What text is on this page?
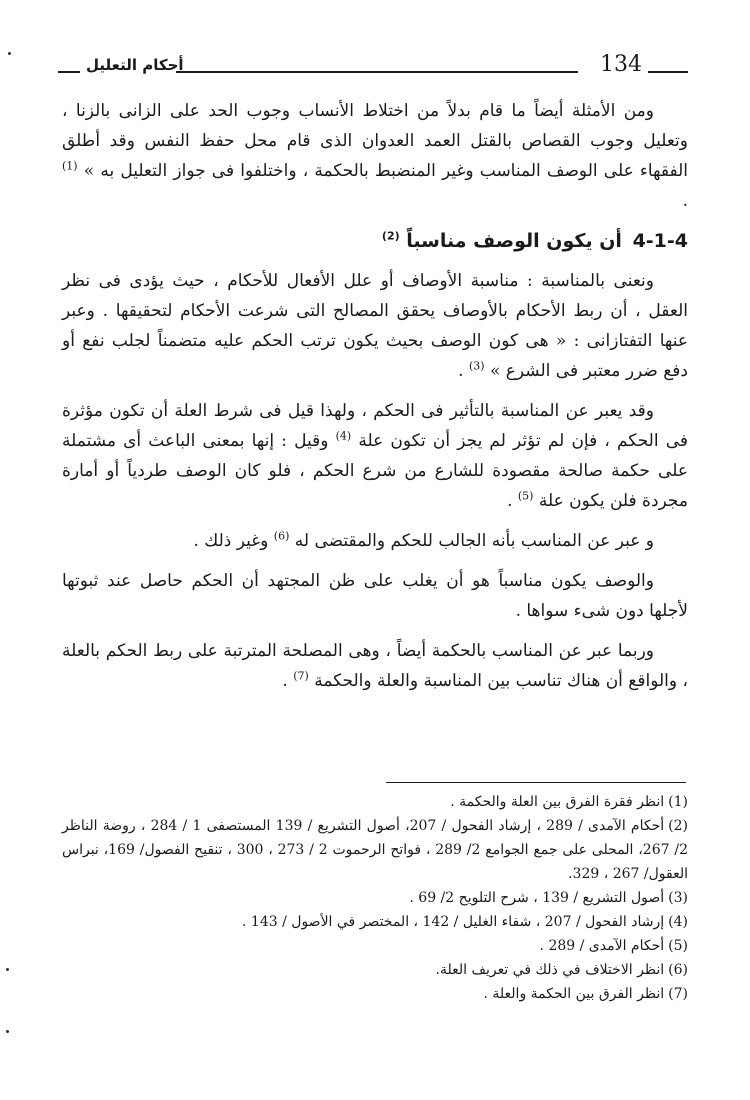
أحكام التعليل	134

ومن الأمثلة أيضاً ما قام بدلاً من اختلاط الأنساب وجوب الحد على الزانى بالزنا ، وتعليل وجوب القصاص بالقتل العمد العدوان الذى قام محل حفظ النفس وقد أطلق الفقهاء على الوصف المناسب وغير المنضبط بالحكمة ، واختلفوا فى جواز التعليل به » $^{(1)}$ .

4-1-4 أن يكون الوصف مناسباً $^{(2)}$

ونعنى بالمناسبة : مناسبة الأوصاف أو علل الأفعال للأحكام ، حيث يؤدى فى نظر العقل ، أن ربط الأحكام بالأوصاف يحقق المصالح التى شرعت الأحكام لتحقيقها . وعبر عنها التفتازانى : « هى كون الوصف بحيث يكون ترتب الحكم عليه متضمناً لجلب نفع أو دفع ضرر معتبر فى الشرع » $^{(3)}$ .

وقد يعبر عن المناسبة بالتأثير فى الحكم ، ولهذا قيل فى شرط العلة أن تكون مؤثرة فى الحكم ، فإن لم تؤثر لم يجز أن تكون علة $^{(4)}$ وقيل : إنها بمعنى الباعث أى مشتملة على حكمة صالحة مقصودة للشارع من شرع الحكم ، فلو كان الوصف طردياً أو أمارة مجردة فلن يكون علة $^{(5)}$ .

و عبر عن المناسب بأنه الجالب للحكم والمقتضى له $^{(6)}$ وغير ذلك .

والوصف يكون مناسباً هو أن يغلب على ظن المجتهد أن الحكم حاصل عند ثبوتها لأجلها دون شىء سواها .

وربما عبر عن المناسب بالحكمة أيضاً ، وهى المصلحة المترتبة على ربط الحكم بالعلة ، والواقع أن هناك تناسب بين المناسبة والعلة والحكمة $^{(7)}$ .

(1)انظر فقرة الفرق بين العلة والحكمة .

(2)أحكام الآمدى / 289 ، إرشاد الفحول / 207، أصول التشريع / 139 المستصفى 1 / 284 ، روضة الناظر 2/ 267، المحلى على جمع الجوامع 2/ 289 ، فواتح الرحموت 2 / 273 ، 300 ، تنقيح الفصول/ 169، نبراس العقول/ 267 ، 329.

(3)أصول التشريع / 139 ، شرح التلويح 2/ 69 .

(4)إرشاد الفحول / 207 ، شفاء الغليل / 142 ، المختصر في الأصول / 143 .

(5)أحكام الآمدى / 289 .

(6)انظر الاختلاف في ذلك في تعريف العلة.

(7)انظر الفرق بين الحكمة والعلة .
